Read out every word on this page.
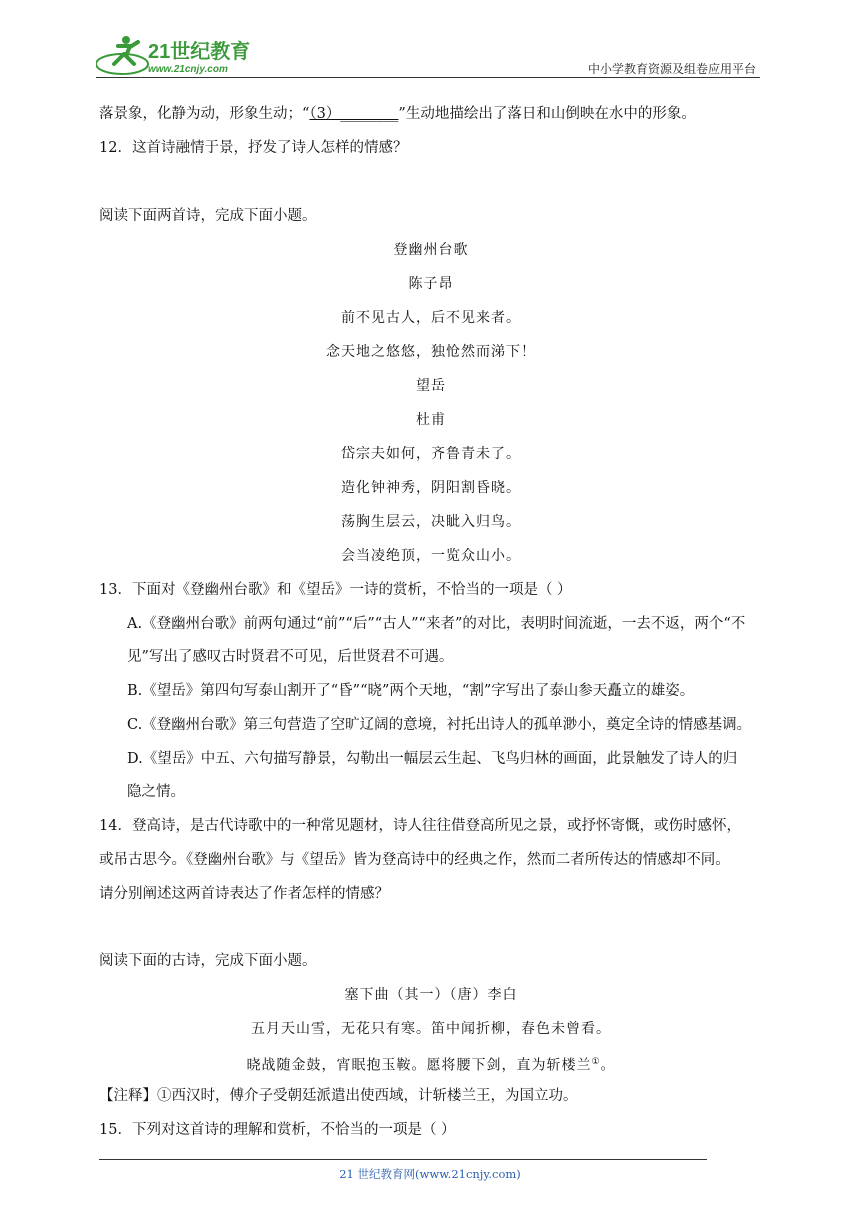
21世纪教育
www.21cnjy.com	中小学教育资源及组卷应用平台
落景象，化静为动，形象生动；“（3）________”生动地描绘出了落日和山倒映在水中的形象。
12．这首诗融情于景，抒发了诗人怎样的情感？
阅读下面两首诗，完成下面小题。
登幽州台歌
陈子昂
前不见古人，后不见来者。
念天地之悠悠，独怆然而涕下！
望岳
杜甫
岱宗夫如何，齐鲁青未了。
造化钟神秀，阴阳割昏晓。
荡胸生层云，决眦入归鸟。
会当凌绝顶，一览众山小。
13．下面对《登幽州台歌》和《望岳》一诗的赏析，不恰当的一项是（ ）
A.《登幽州台歌》前两句通过“前”“后”“古人”“来者”的对比，表明时间流逝，一去不返，两个“不
见”写出了感叹古时贤君不可见，后世贤君不可遇。
B.《望岳》第四句写泰山割开了“昏”“晓”两个天地，“割”字写出了泰山参天矗立的雄姿。
C.《登幽州台歌》第三句营造了空旷辽阔的意境，衬托出诗人的孤单渺小，奠定全诗的情感基调。
D.《望岳》中五、六句描写静景，勾勒出一幅层云生起、飞鸟归林的画面，此景触发了诗人的归
隐之情。
14．登高诗，是古代诗歌中的一种常见题材，诗人往往借登高所见之景，或抒怀寄慨，或伤时感怀，
或吊古思今。《登幽州台歌》与《望岳》皆为登高诗中的经典之作，然而二者所传达的情感却不同。
请分别阐述这两首诗表达了作者怎样的情感？
阅读下面的古诗，完成下面小题。
塞下曲（其一）（唐）李白
五月天山雪，无花只有寒。笛中闻折柳，春色未曾看。
晓战随金鼓，宵眠抱玉鞍。愿将腰下剑，直为斩楼兰①。
【注释】①西汉时，傅介子受朝廷派遣出使西域，计斩楼兰王，为国立功。
15．下列对这首诗的理解和赏析，不恰当的一项是（ ）
21 世纪教育网(www.21cnjy.com)
